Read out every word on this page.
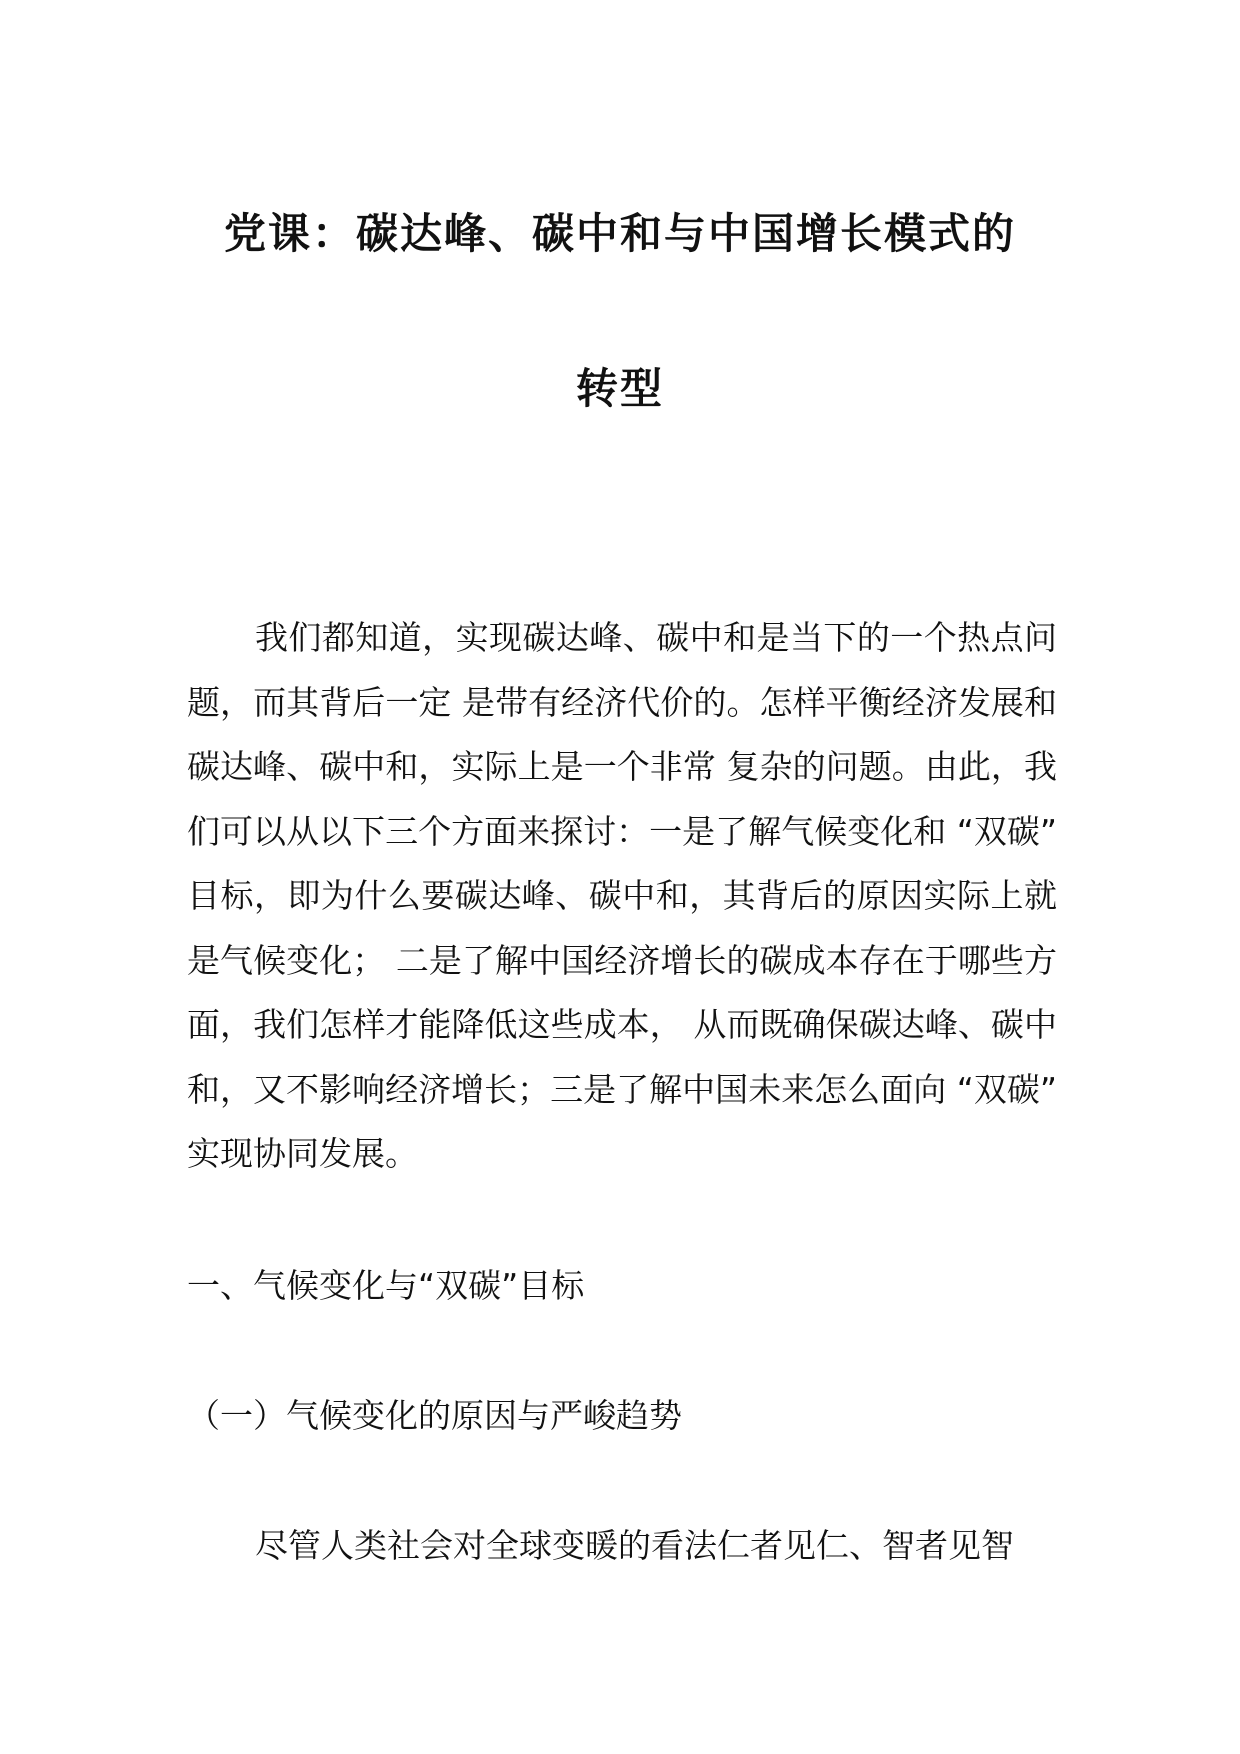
党课：碳达峰、碳中和与中国增长模式的
转型

我们都知道，实现碳达峰、碳中和是当下的一个热点问题，而其背后一定 是带有经济代价的。怎样平衡经济发展和碳达峰、碳中和，实际上是一个非常 复杂的问题。由此，我们可以从以下三个方面来探讨：一是了解气候变化和 “双碳” 目标，即为什么要碳达峰、碳中和，其背后的原因实际上就是气候变化； 二是了解中国经济增长的碳成本存在于哪些方面，我们怎样才能降低这些成本， 从而既确保碳达峰、碳中和，又不影响经济增长；三是了解中国未来怎么面向 “双碳” 实现协同发展。

一、气候变化与“双碳”目标

（一）气候变化的原因与严峻趋势

尽管人类社会对全球变暖的看法仁者见仁、智者见智
